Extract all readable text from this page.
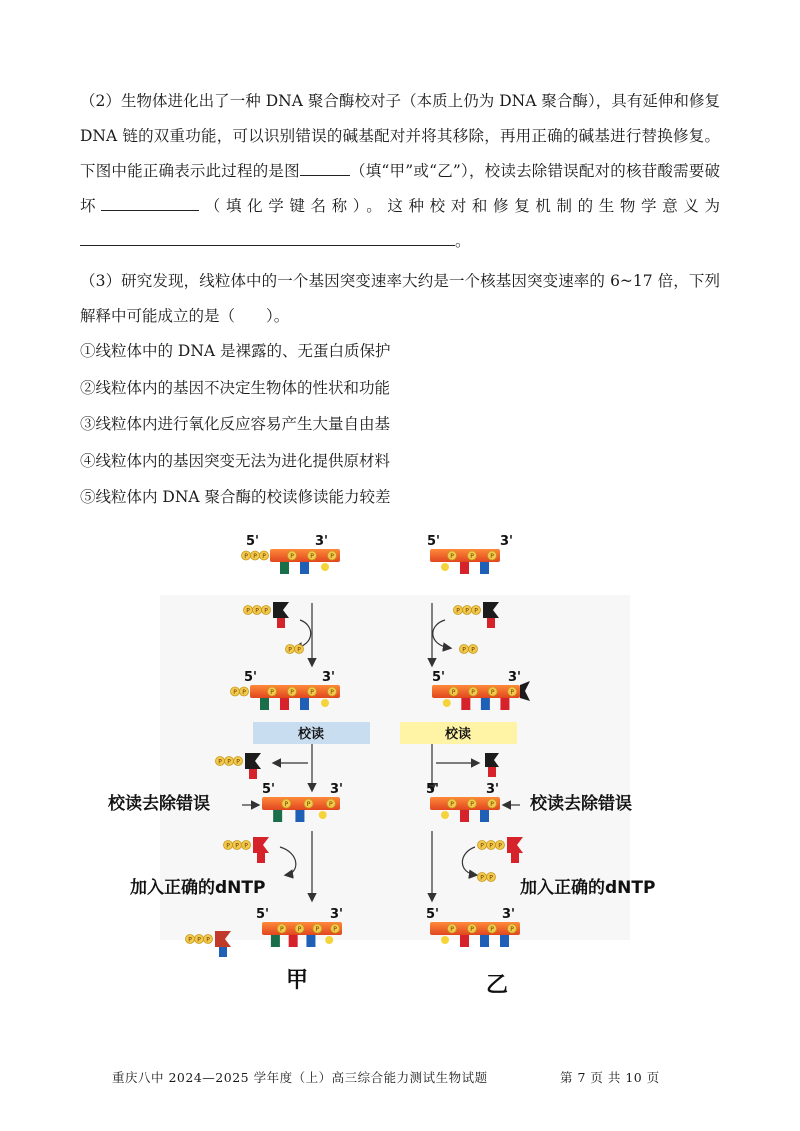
（2）生物体进化出了一种 DNA 聚合酶校对子（本质上仍为 DNA 聚合酶），具有延伸和修复 DNA 链的双重功能，可以识别错误的碱基配对并将其移除，再用正确的碱基进行替换修复。下图中能正确表示此过程的是图	（填“甲”或“乙”），校读去除错误配对的核苷酸需要破坏	（填化学键名称）。这种校对和修复机制的生物学意义为。
（3）研究发现，线粒体中的一个基因突变速率大约是一个核基因突变速率的 6~17 倍，下列解释中可能成立的是（　　）。
①线粒体中的 DNA 是裸露的、无蛋白质保护
②线粒体内的基因不决定生物体的性状和功能
③线粒体内进行氧化反应容易产生大量自由基
④线粒体内的基因突变无法为进化提供原材料
⑤线粒体内 DNA 聚合酶的校读修读能力较差
5'	3'
P	P	P
P
P
P
P P P
P P
5'	3'
P	P	P	P
P
P
校读
P P P
校读去除错误
5'	3'
P	P	P
P P P
加入正确的dNTP
5'	3'
P P P P
P P P
甲
5'	3'
P	P	P
P P P
P P
5'	3'
P	P	P	P
校读
校读去除错误
5'	3'
P	P	P
P P P
P P 加入正确的dNTP
5'	3'
P	P	P	P
乙
重庆八中 2024—2025 学年度（上）高三综合能力测试生物试题	第 7 页 共 10 页
